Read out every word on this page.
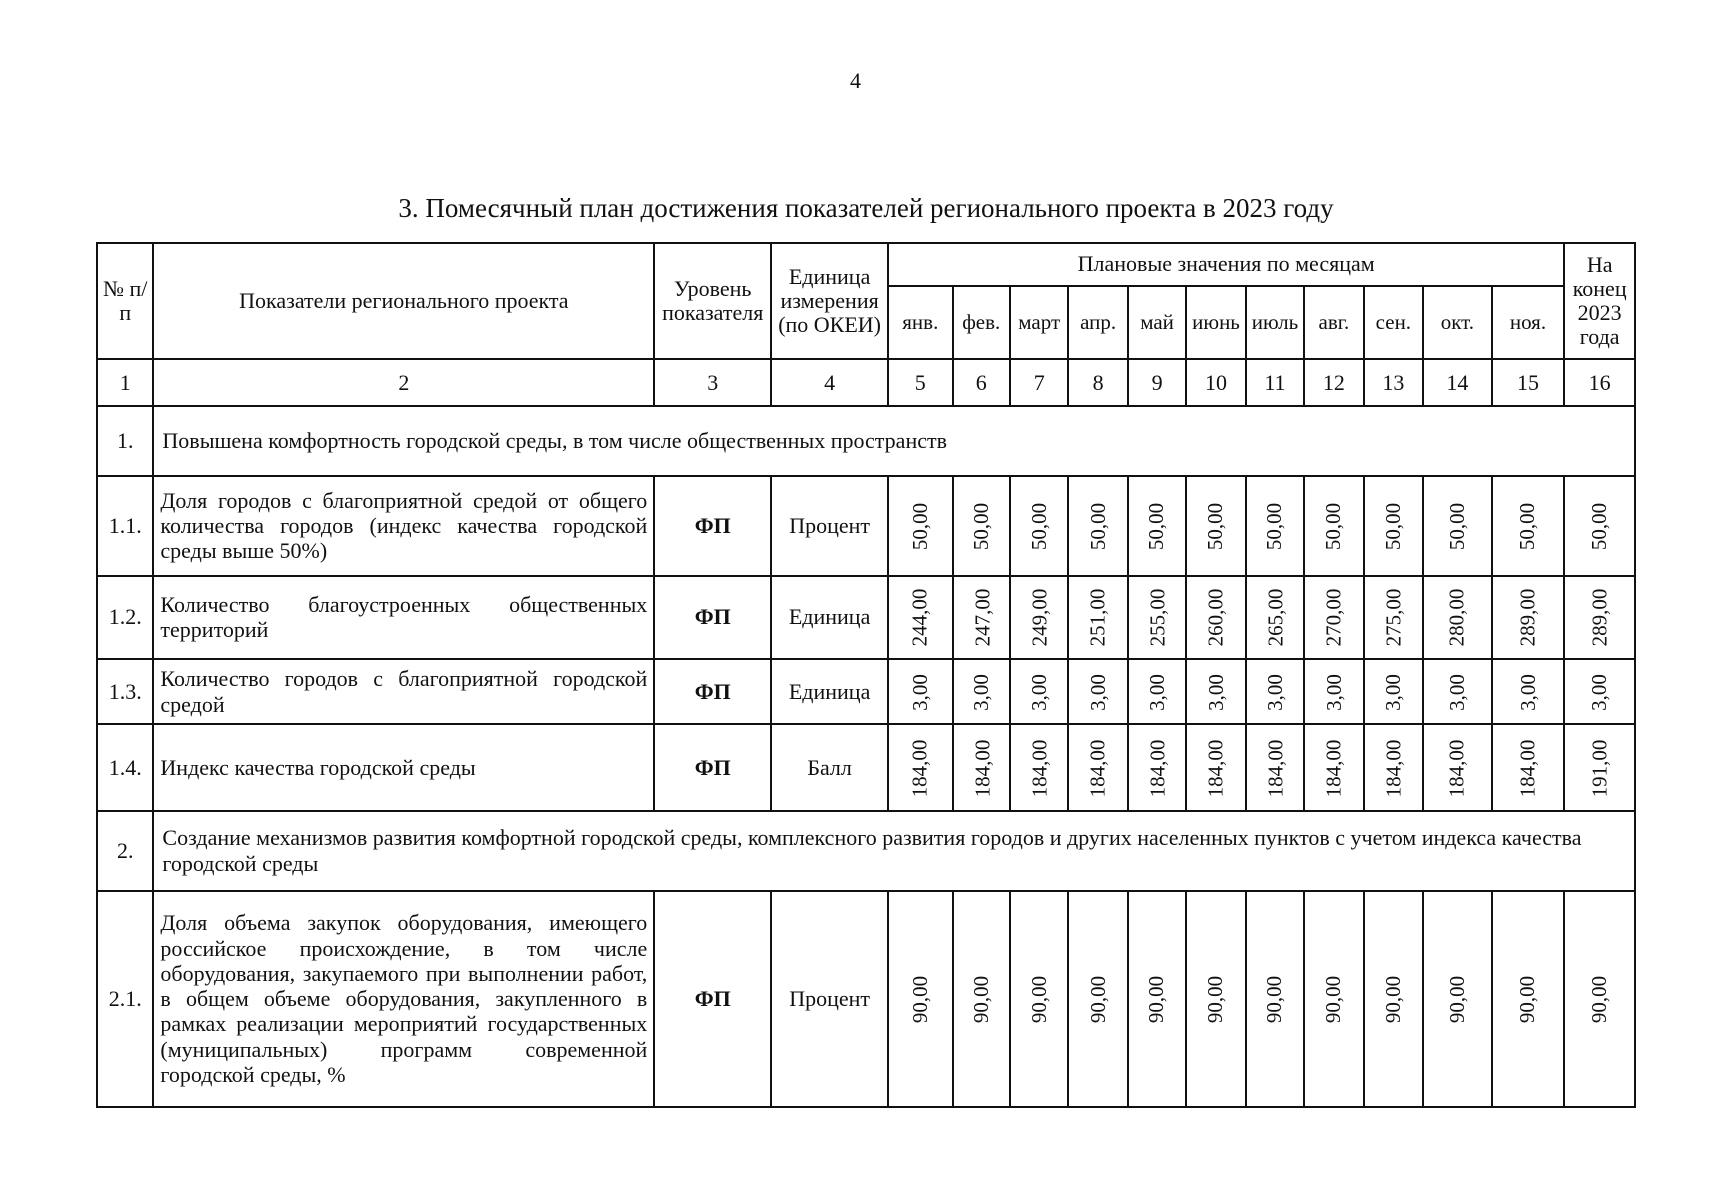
4
3. Помесячный план достижения показателей регионального проекта в 2023 году
№ п/п	Показатели регионального проекта	Уровень показателя	Единица измерения (по ОКЕИ)	Плановые значения по месяцам											На конец 2023 года
				янв.	фев.	март	апр.	май	июнь	июль	авг.	сен.	окт.	ноя.	
1	2	3	4	5	6	7	8	9	10	11	12	13	14	15	16
1.	Повышена комфортность городской среды, в том числе общественных пространств														
1.1.	Доля городов с благоприятной средой от общего количества городов (индекс качества городской среды выше 50%)	ФП	Процент	50,00	50,00	50,00	50,00	50,00	50,00	50,00	50,00	50,00	50,00	50,00	50,00
1.2.	Количество благоустроенных общественных территорий	ФП	Единица	244,00	247,00	249,00	251,00	255,00	260,00	265,00	270,00	275,00	280,00	289,00	289,00
1.3.	Количество городов с благоприятной городской средой	ФП	Единица	3,00	3,00	3,00	3,00	3,00	3,00	3,00	3,00	3,00	3,00	3,00	3,00
1.4.	Индекс качества городской среды	ФП	Балл	184,00	184,00	184,00	184,00	184,00	184,00	184,00	184,00	184,00	184,00	184,00	191,00
2.	Создание механизмов развития комфортной городской среды, комплексного развития городов и других населенных пунктов с учетом индекса качества городской среды														
2.1.	Доля объема закупок оборудования, имеющего российское происхождение, в том числе оборудования, закупаемого при выполнении работ, в общем объеме оборудования, закупленного в рамках реализации мероприятий государственных (муниципальных) программ современной городской среды, %	ФП	Процент	90,00	90,00	90,00	90,00	90,00	90,00	90,00	90,00	90,00	90,00	90,00	90,00
